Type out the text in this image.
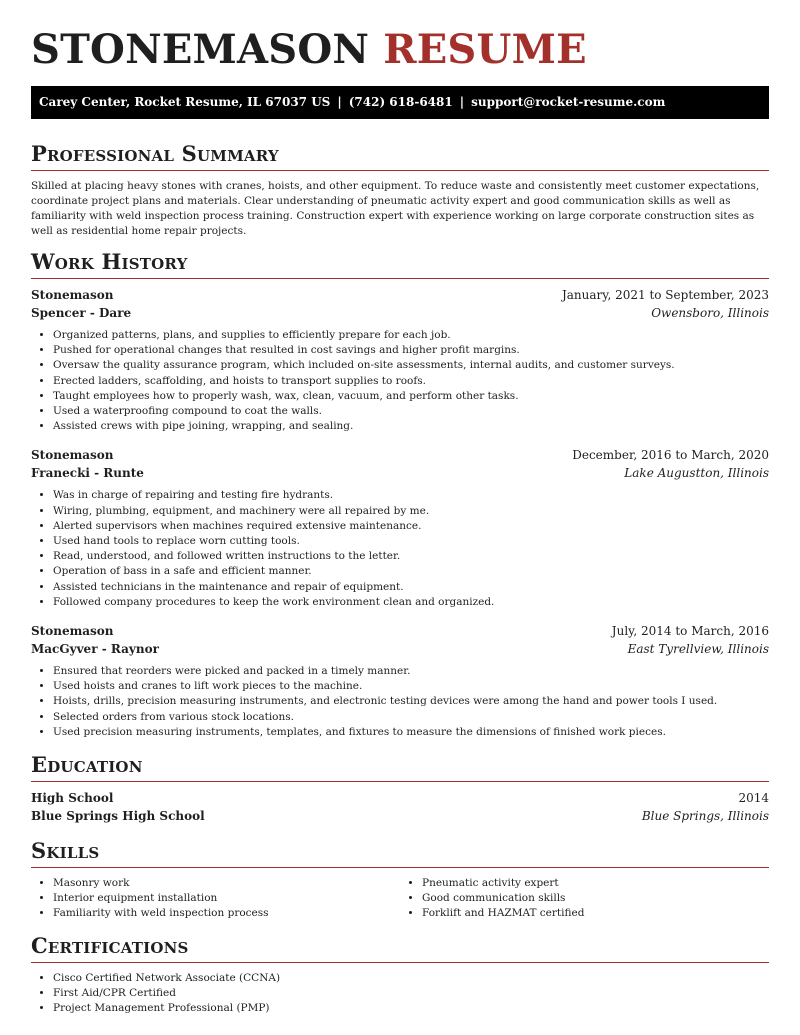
STONEMASON RESUME
Carey Center, Rocket Resume, IL 67037 US | (742) 618-6481 | support@rocket-resume.com
Professional Summary

Skilled at placing heavy stones with cranes, hoists, and other equipment. To reduce waste and consistently meet customer expectations, coordinate project plans and materials. Clear understanding of pneumatic activity expert and good communication skills as well as familiarity with weld inspection process training. Construction expert with experience working on large corporate construction sites as well as residential home repair projects.

Work History
Stonemason	January, 2021 to September, 2023
Spencer - Dare	Owensboro, Illinois
• Organized patterns, plans, and supplies to efficiently prepare for each job.
• Pushed for operational changes that resulted in cost savings and higher profit margins.
• Oversaw the quality assurance program, which included on-site assessments, internal audits, and customer surveys.
• Erected ladders, scaffolding, and hoists to transport supplies to roofs.
• Taught employees how to properly wash, wax, clean, vacuum, and perform other tasks.
• Used a waterproofing compound to coat the walls.
• Assisted crews with pipe joining, wrapping, and sealing.
Stonemason	December, 2016 to March, 2020
Franecki - Runte	Lake Augustton, Illinois
• Was in charge of repairing and testing fire hydrants.
• Wiring, plumbing, equipment, and machinery were all repaired by me.
• Alerted supervisors when machines required extensive maintenance.
• Used hand tools to replace worn cutting tools.
• Read, understood, and followed written instructions to the letter.
• Operation of bass in a safe and efficient manner.
• Assisted technicians in the maintenance and repair of equipment.
• Followed company procedures to keep the work environment clean and organized.
Stonemason	July, 2014 to March, 2016
MacGyver - Raynor	East Tyrellview, Illinois
• Ensured that reorders were picked and packed in a timely manner.
• Used hoists and cranes to lift work pieces to the machine.
• Hoists, drills, precision measuring instruments, and electronic testing devices were among the hand and power tools I used.
• Selected orders from various stock locations.
• Used precision measuring instruments, templates, and fixtures to measure the dimensions of finished work pieces.
Education
High School	2014
Blue Springs High School	Blue Springs, Illinois
Skills
• Masonry work
• Interior equipment installation
• Familiarity with weld inspection process
• Pneumatic activity expert
• Good communication skills
• Forklift and HAZMAT certified
Certifications
• Cisco Certified Network Associate (CCNA)
• First Aid/CPR Certified
• Project Management Professional (PMP)
